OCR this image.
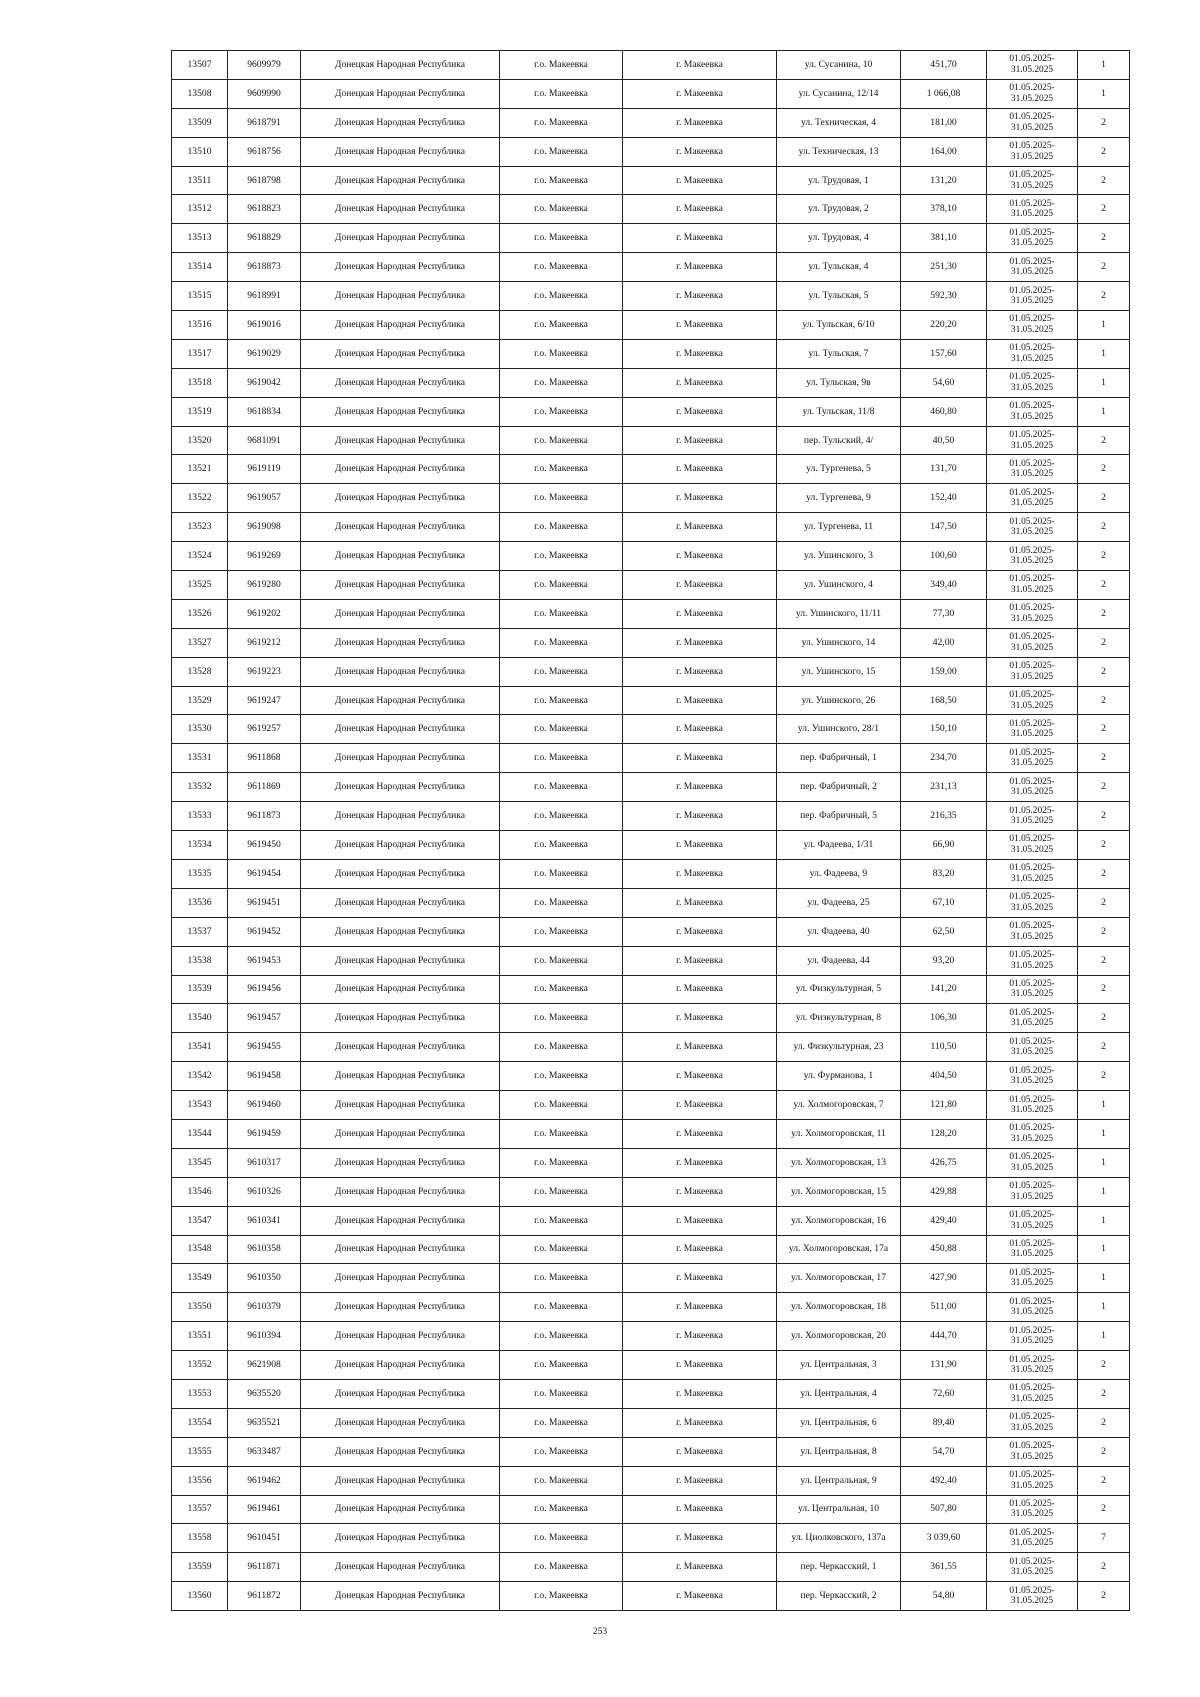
13507	9609979	Донецкая Народная Республика	г.о. Макеевка	г. Макеевка	ул. Сусанина, 10	451,70	01.05.2025-31.05.2025	1
13508	9609990	Донецкая Народная Республика	г.о. Макеевка	г. Макеевка	ул. Сусанина, 12/14	1 066,08	01.05.2025-31.05.2025	1
13509	9618791	Донецкая Народная Республика	г.о. Макеевка	г. Макеевка	ул. Техническая, 4	181,00	01.05.2025-31.05.2025	2
13510	9618756	Донецкая Народная Республика	г.о. Макеевка	г. Макеевка	ул. Техническая, 13	164,00	01.05.2025-31.05.2025	2
13511	9618798	Донецкая Народная Республика	г.о. Макеевка	г. Макеевка	ул. Трудовая, 1	131,20	01.05.2025-31.05.2025	2
13512	9618823	Донецкая Народная Республика	г.о. Макеевка	г. Макеевка	ул. Трудовая, 2	378,10	01.05.2025-31.05.2025	2
13513	9618829	Донецкая Народная Республика	г.о. Макеевка	г. Макеевка	ул. Трудовая, 4	381,10	01.05.2025-31.05.2025	2
13514	9618873	Донецкая Народная Республика	г.о. Макеевка	г. Макеевка	ул. Тульская, 4	251,30	01.05.2025-31.05.2025	2
13515	9618991	Донецкая Народная Республика	г.о. Макеевка	г. Макеевка	ул. Тульская, 5	592,30	01.05.2025-31.05.2025	2
13516	9619016	Донецкая Народная Республика	г.о. Макеевка	г. Макеевка	ул. Тульская, 6/10	220,20	01.05.2025-31.05.2025	1
13517	9619029	Донецкая Народная Республика	г.о. Макеевка	г. Макеевка	ул. Тульская, 7	157,60	01.05.2025-31.05.2025	1
13518	9619042	Донецкая Народная Республика	г.о. Макеевка	г. Макеевка	ул. Тульская, 9в	54,60	01.05.2025-31.05.2025	1
13519	9618834	Донецкая Народная Республика	г.о. Макеевка	г. Макеевка	ул. Тульская, 11/8	460,80	01.05.2025-31.05.2025	1
13520	9681091	Донецкая Народная Республика	г.о. Макеевка	г. Макеевка	пер. Тульский, 4/	40,50	01.05.2025-31.05.2025	2
13521	9619119	Донецкая Народная Республика	г.о. Макеевка	г. Макеевка	ул. Тургенева, 5	131,70	01.05.2025-31.05.2025	2
13522	9619057	Донецкая Народная Республика	г.о. Макеевка	г. Макеевка	ул. Тургенева, 9	152,40	01.05.2025-31.05.2025	2
13523	9619098	Донецкая Народная Республика	г.о. Макеевка	г. Макеевка	ул. Тургенева, 11	147,50	01.05.2025-31.05.2025	2
13524	9619269	Донецкая Народная Республика	г.о. Макеевка	г. Макеевка	ул. Ушинского, 3	100,60	01.05.2025-31.05.2025	2
13525	9619280	Донецкая Народная Республика	г.о. Макеевка	г. Макеевка	ул. Ушинского, 4	349,40	01.05.2025-31.05.2025	2
13526	9619202	Донецкая Народная Республика	г.о. Макеевка	г. Макеевка	ул. Ушинского, 11/11	77,30	01.05.2025-31.05.2025	2
13527	9619212	Донецкая Народная Республика	г.о. Макеевка	г. Макеевка	ул. Ушинского, 14	42,00	01.05.2025-31.05.2025	2
13528	9619223	Донецкая Народная Республика	г.о. Макеевка	г. Макеевка	ул. Ушинского, 15	159,00	01.05.2025-31.05.2025	2
13529	9619247	Донецкая Народная Республика	г.о. Макеевка	г. Макеевка	ул. Ушинского, 26	168,50	01.05.2025-31.05.2025	2
13530	9619257	Донецкая Народная Республика	г.о. Макеевка	г. Макеевка	ул. Ушинского, 28/1	150,10	01.05.2025-31.05.2025	2
13531	9611868	Донецкая Народная Республика	г.о. Макеевка	г. Макеевка	пер. Фабричный, 1	234,70	01.05.2025-31.05.2025	2
13532	9611869	Донецкая Народная Республика	г.о. Макеевка	г. Макеевка	пер. Фабричный, 2	231,13	01.05.2025-31.05.2025	2
13533	9611873	Донецкая Народная Республика	г.о. Макеевка	г. Макеевка	пер. Фабричный, 5	216,35	01.05.2025-31.05.2025	2
13534	9619450	Донецкая Народная Республика	г.о. Макеевка	г. Макеевка	ул. Фадеева, 1/31	66,90	01.05.2025-31.05.2025	2
13535	9619454	Донецкая Народная Республика	г.о. Макеевка	г. Макеевка	ул. Фадеева, 9	83,20	01.05.2025-31.05.2025	2
13536	9619451	Донецкая Народная Республика	г.о. Макеевка	г. Макеевка	ул. Фадеева, 25	67,10	01.05.2025-31.05.2025	2
13537	9619452	Донецкая Народная Республика	г.о. Макеевка	г. Макеевка	ул. Фадеева, 40	62,50	01.05.2025-31.05.2025	2
13538	9619453	Донецкая Народная Республика	г.о. Макеевка	г. Макеевка	ул. Фадеева, 44	93,20	01.05.2025-31.05.2025	2
13539	9619456	Донецкая Народная Республика	г.о. Макеевка	г. Макеевка	ул. Физкультурная, 5	141,20	01.05.2025-31.05.2025	2
13540	9619457	Донецкая Народная Республика	г.о. Макеевка	г. Макеевка	ул. Физкультурная, 8	106,30	01.05.2025-31.05.2025	2
13541	9619455	Донецкая Народная Республика	г.о. Макеевка	г. Макеевка	ул. Физкультурная, 23	110,50	01.05.2025-31.05.2025	2
13542	9619458	Донецкая Народная Республика	г.о. Макеевка	г. Макеевка	ул. Фурманова, 1	404,50	01.05.2025-31.05.2025	2
13543	9619460	Донецкая Народная Республика	г.о. Макеевка	г. Макеевка	ул. Холмогоровская, 7	121,80	01.05.2025-31.05.2025	1
13544	9619459	Донецкая Народная Республика	г.о. Макеевка	г. Макеевка	ул. Холмогоровская, 11	128,20	01.05.2025-31.05.2025	1
13545	9610317	Донецкая Народная Республика	г.о. Макеевка	г. Макеевка	ул. Холмогоровская, 13	426,75	01.05.2025-31.05.2025	1
13546	9610326	Донецкая Народная Республика	г.о. Макеевка	г. Макеевка	ул. Холмогоровская, 15	429,88	01.05.2025-31.05.2025	1
13547	9610341	Донецкая Народная Республика	г.о. Макеевка	г. Макеевка	ул. Холмогоровская, 16	429,40	01.05.2025-31.05.2025	1
13548	9610358	Донецкая Народная Республика	г.о. Макеевка	г. Макеевка	ул. Холмогоровская, 17а	450,88	01.05.2025-31.05.2025	1
13549	9610350	Донецкая Народная Республика	г.о. Макеевка	г. Макеевка	ул. Холмогоровская, 17	427,90	01.05.2025-31.05.2025	1
13550	9610379	Донецкая Народная Республика	г.о. Макеевка	г. Макеевка	ул. Холмогоровская, 18	511,00	01.05.2025-31.05.2025	1
13551	9610394	Донецкая Народная Республика	г.о. Макеевка	г. Макеевка	ул. Холмогоровская, 20	444,70	01.05.2025-31.05.2025	1
13552	9621908	Донецкая Народная Республика	г.о. Макеевка	г. Макеевка	ул. Центральная, 3	131,90	01.05.2025-31.05.2025	2
13553	9635520	Донецкая Народная Республика	г.о. Макеевка	г. Макеевка	ул. Центральная, 4	72,60	01.05.2025-31.05.2025	2
13554	9635521	Донецкая Народная Республика	г.о. Макеевка	г. Макеевка	ул. Центральная, 6	89,40	01.05.2025-31.05.2025	2
13555	9633487	Донецкая Народная Республика	г.о. Макеевка	г. Макеевка	ул. Центральная, 8	54,70	01.05.2025-31.05.2025	2
13556	9619462	Донецкая Народная Республика	г.о. Макеевка	г. Макеевка	ул. Центральная, 9	492,40	01.05.2025-31.05.2025	2
13557	9619461	Донецкая Народная Республика	г.о. Макеевка	г. Макеевка	ул. Центральная, 10	507,80	01.05.2025-31.05.2025	2
13558	9610451	Донецкая Народная Республика	г.о. Макеевка	г. Макеевка	ул. Циолковского, 137а	3 039,60	01.05.2025-31.05.2025	7
13559	9611871	Донецкая Народная Республика	г.о. Макеевка	г. Макеевка	пер. Черкасский, 1	361,55	01.05.2025-31.05.2025	2
13560	9611872	Донецкая Народная Республика	г.о. Макеевка	г. Макеевка	пер. Черкасский, 2	54,80	01.05.2025-31.05.2025	2
253
